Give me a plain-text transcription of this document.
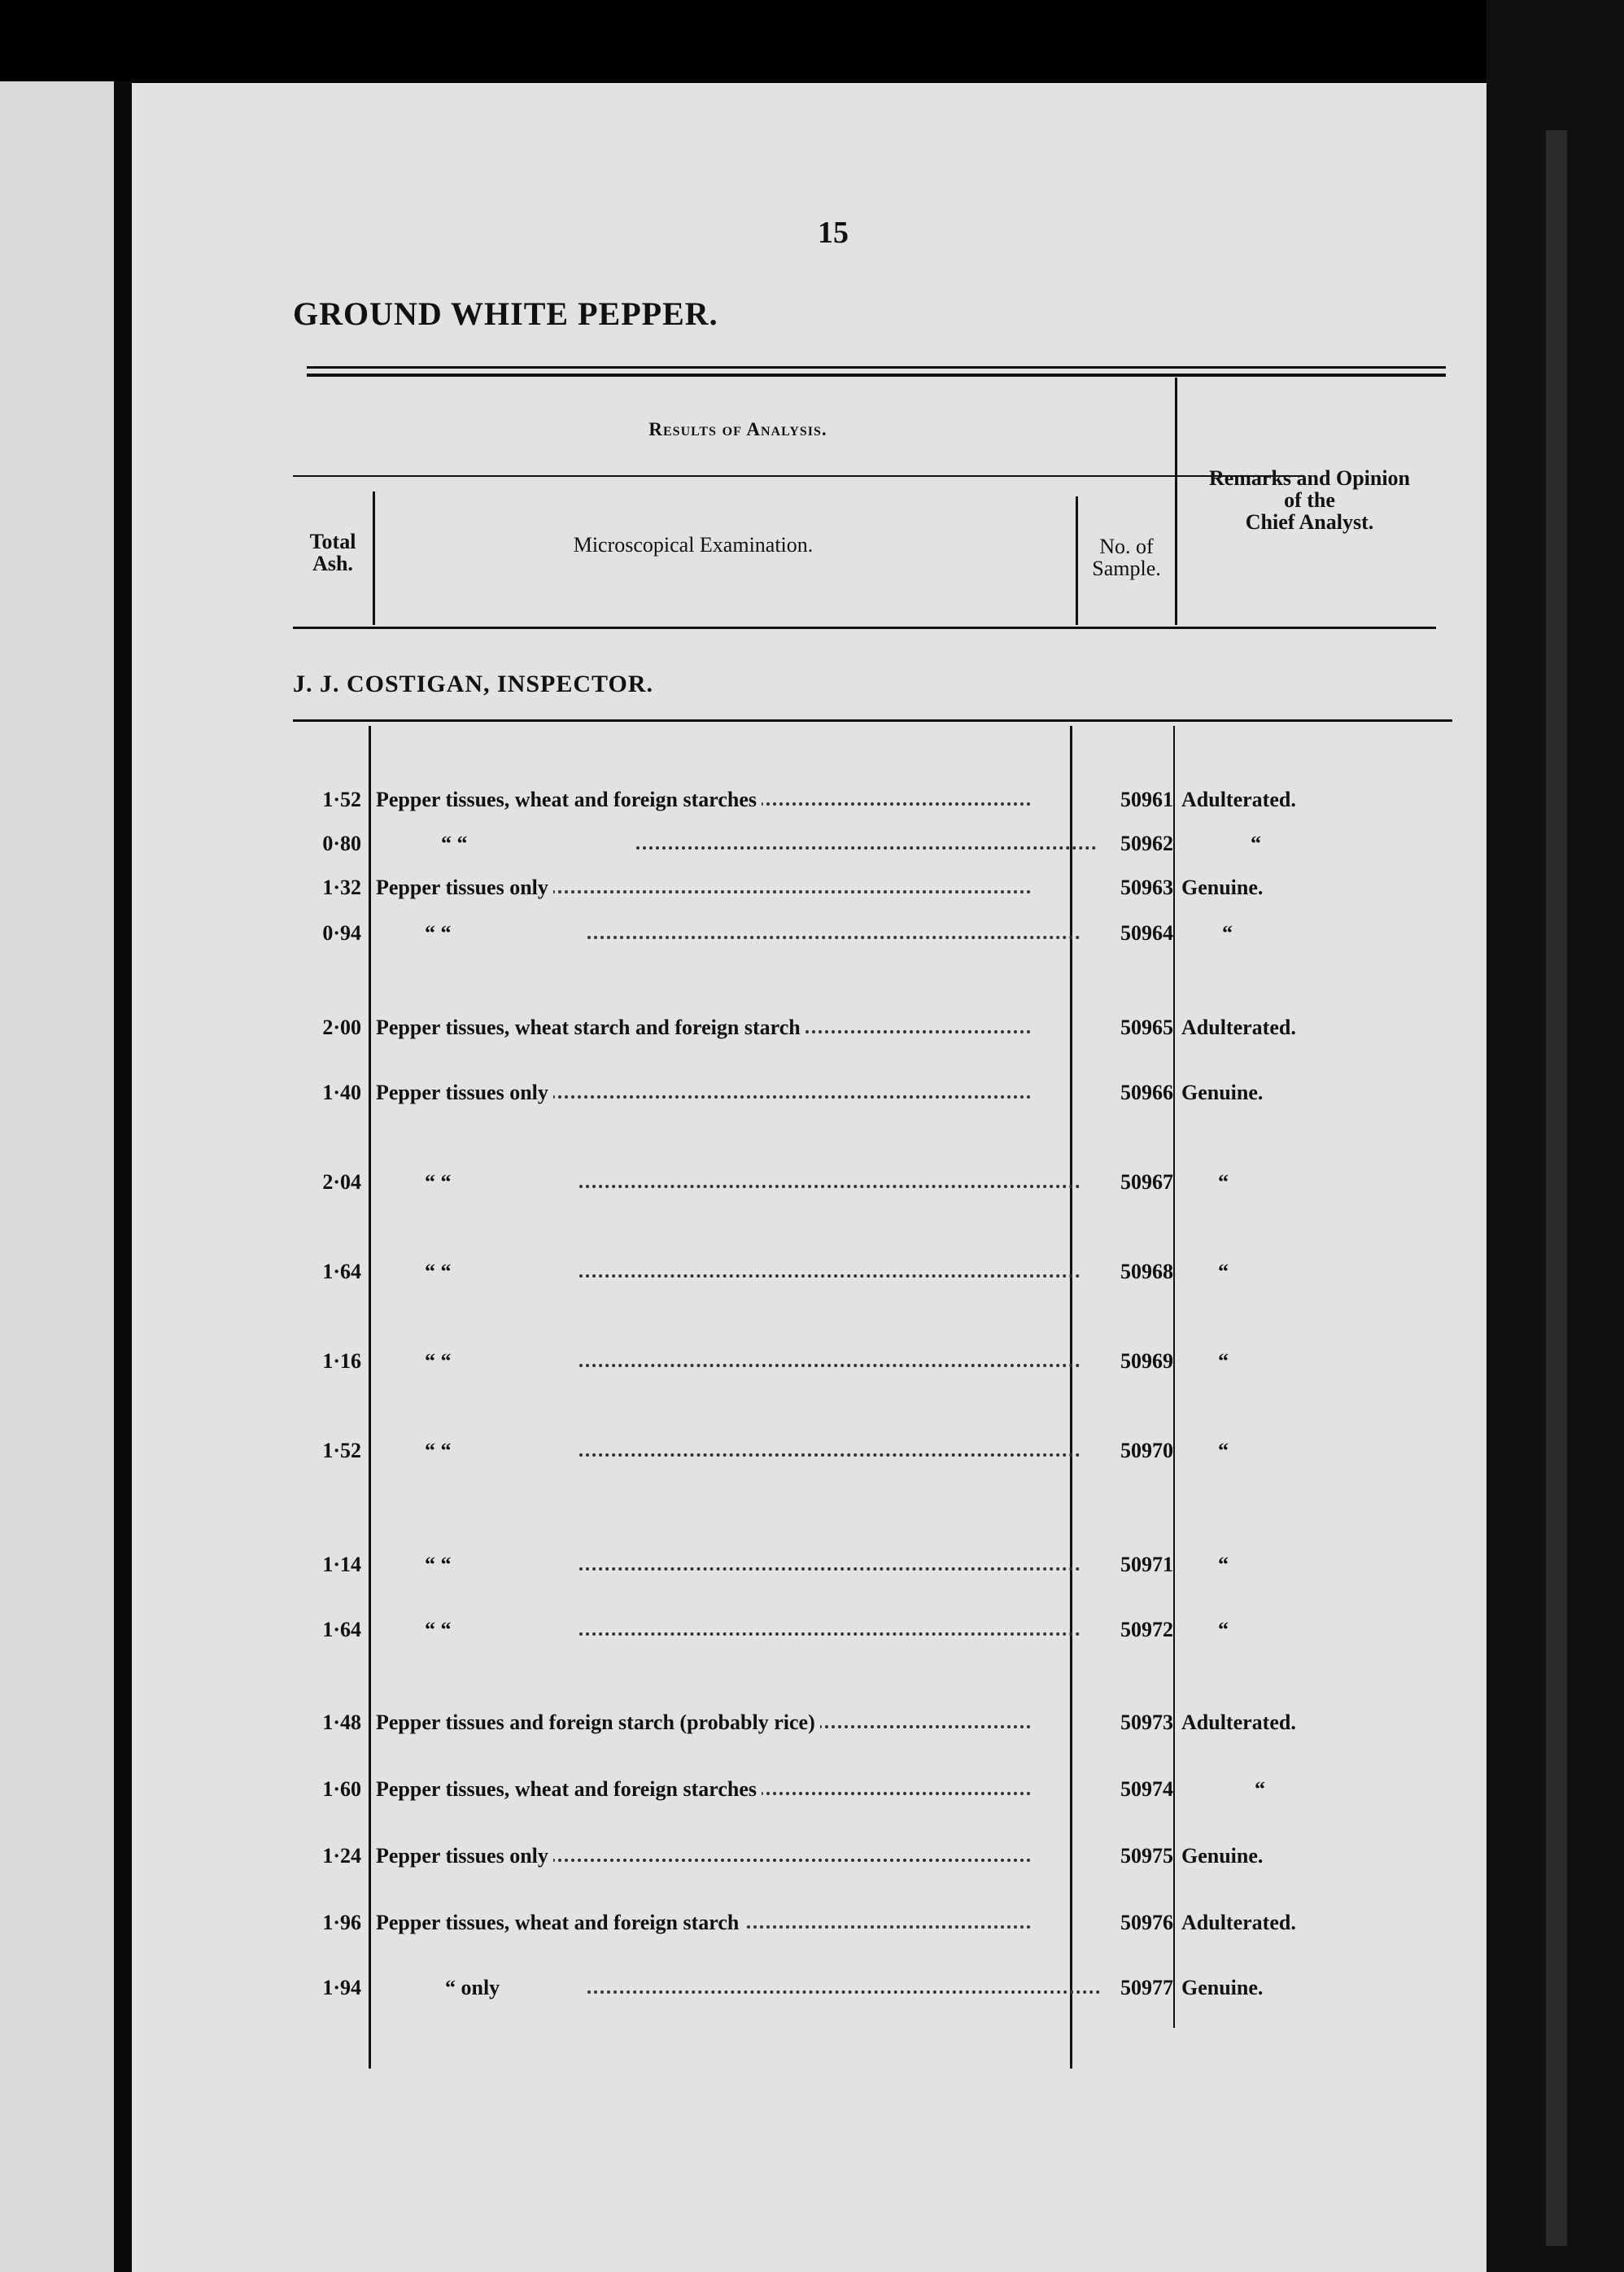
15
GROUND WHITE PEPPER.
Results of Analysis.
Total
Ash.
Microscopical Examination.	No. of
Sample.
Remarks and Opinion
of the
Chief Analyst.
J. J. COSTIGAN, INSPECTOR.
1·52 Pepper tissues, wheat and foreign starches	50961 Adulterated.
0·80	“ “	50962	“
1·32 Pepper tissues only	50963 Genuine.
0·94	“ “	50964	“
2·00 Pepper tissues, wheat starch and foreign starch	50965 Adulterated.
1·40 Pepper tissues only	50966 Genuine.
2·04	“ “	50967	“
1·64	“ “	50968	“
1·16	“ “	50969	“
1·52	“ “	50970	“
1·14	“ “	50971	“
1·64	“ “	50972	“
1·48 Pepper tissues and foreign starch (probably rice)	50973 Adulterated.
1·60 Pepper tissues, wheat and foreign starches	50974	“
1·24 Pepper tissues only	50975 Genuine.
1·96 Pepper tissues, wheat and foreign starch	50976 Adulterated.
1·94	“ only	50977 Genuine.
